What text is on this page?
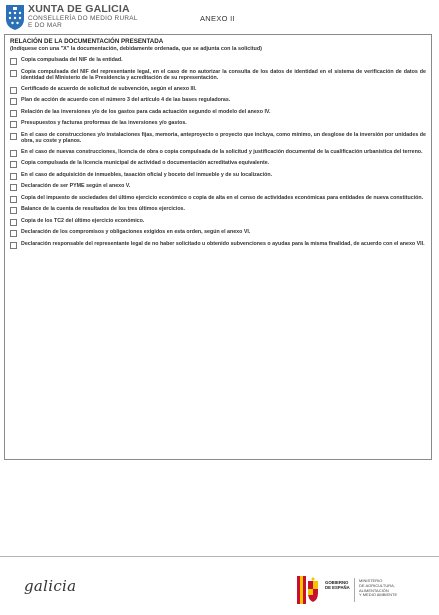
XUNTA DE GALICIA
CONSELLERÍA DO MEDIO RURAL
E DO MAR
ANEXO II
RELACIÓN DE LA DOCUMENTACIÓN PRESENTADA
(Indíquese con una "X" la documentación, debidamente ordenada, que se adjunta con la solicitud)
Copia compulsada del NIF de la entidad.
Copia compulsada del NIF del representante legal, en el caso de no autorizar la consulta de los datos de identidad en el sistema de verificación de datos de identidad del Ministerio de la Presidencia y acreditación de su representación.
Certificado de acuerdo de solicitud de subvención, según el anexo III.
Plan de acción de acuerdo con el número 3 del artículo 4 de las bases reguladoras.
Relación de las inversiones y/o de los gastos para cada actuación segundo el modelo del anexo IV.
Presupuestos y facturas proformas de las inversiones y/o gastos.
En el caso de construcciones y/o instalaciones fijas, memoria, anteproyecto o proyecto que incluya, como mínimo, un desglose de la inversión por unidades de obra, su coste y planos.
En el caso de nuevas construcciones, licencia de obra o copia compulsada de la solicitud y justificación documental de la cualificación urbanística del terreno.
Copia compulsada de la licencia municipal de actividad o documentación acreditativa equivalente.
En el caso de adquisición de inmuebles, tasación oficial y boceto del inmueble y de su localización.
Declaración de ser PYME según el anexo V.
Copia del impuesto de sociedades del último ejercicio económico o copia de alta en el censo de actividades económicas para entidades de nueva constitución.
Balance de la cuenta de resultados de los tres últimos ejercicios.
Copia de los TC2 del último ejercicio económico.
Declaración de los compromisos y obligaciones exigidos en esta orden, según el anexo VI.
Declaración responsable del representante legal de no haber solicitado u obtenido subvenciones o ayudas para la misma finalidad, de acuerdo con el anexo VII.
galicia	GOBIERNO
DE ESPAÑA
MINISTERIO
DE AGRICULTURA, ALIMENTACIÓN
Y MEDIO AMBIENTE
